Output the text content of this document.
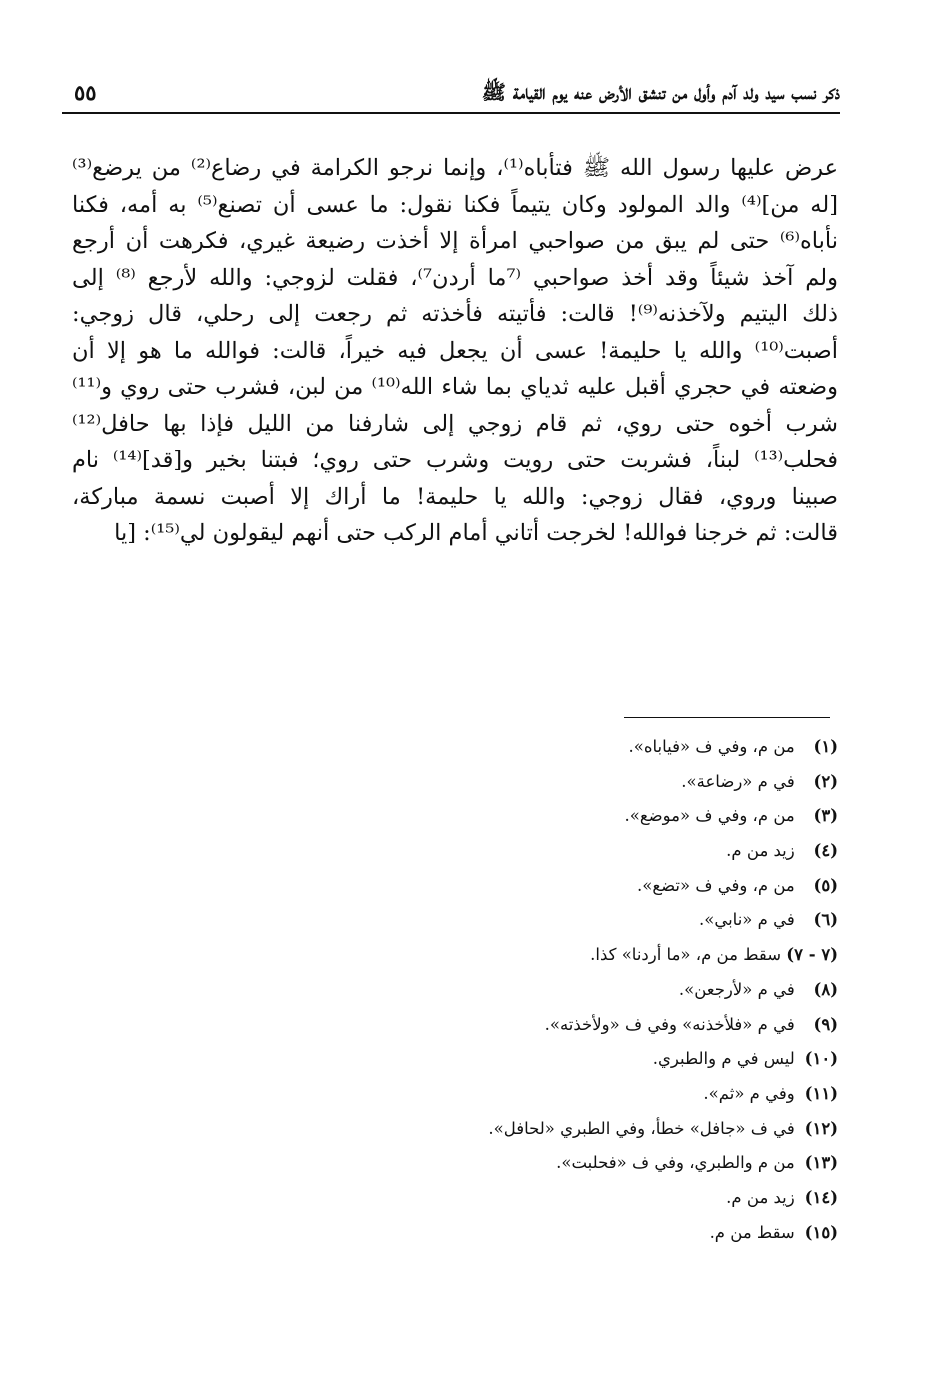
ذكر نسب سيد ولد آدم وأول من تنشق الأرض عنه يوم القيامة ﷺ
٥٥
عرض عليها رسول الله ﷺ فتأباه⁽¹⁾، وإنما نرجو الكرامة في رضاع⁽²⁾ من يرضع⁽³⁾
[له من]⁽⁴⁾ والد المولود وكان يتيماً فكنا نقول: ما عسى أن تصنع⁽⁵⁾ به أمه، فكنا
نأباه⁽⁶⁾ حتى لم يبق من صواحبي امرأة إلا أخذت رضيعة غيري، فكرهت أن أرجع
ولم آخذ شيئاً وقد أخذ صواحبي ⁽⁷ما أردن⁷⁾، فقلت لزوجي: والله لأرجع ⁽⁸⁾ إلى
ذلك اليتيم ولآخذنه⁽⁹⁾! قالت: فأتيته فأخذته ثم رجعت إلى رحلي، قال زوجي:
أصبت⁽¹⁰⁾ والله يا حليمة! عسى أن يجعل فيه خيراً، قالت: فوالله ما هو إلا أن
وضعته في حجري أقبل عليه ثدياي بما شاء الله⁽¹⁰⁾ من لبن، فشرب حتى روي و⁽¹¹⁾
شرب أخوه حتى روي، ثم قام زوجي إلى شارفنا من الليل فإذا بها حافل⁽¹²⁾
فحلب⁽¹³⁾ لبناً، فشربت حتى رويت وشرب حتى روي؛ فبتنا بخير و[قد]⁽¹⁴⁾ نام
صبينا وروي، فقال زوجي: والله يا حليمة! ما أراك إلا أصبت نسمة مباركة،
قالت: ثم خرجنا فوالله! لخرجت أتاني أمام الركب حتى أنهم ليقولون لي⁽¹⁵⁾: [يا
(١) من م، وفي ف «فياباه».
(٢) في م «رضاعة».
(٣) من م، وفي ف «موضع».
(٤) زيد من م.
(٥) من م، وفي ف «تضع».
(٦) في م «نابي».
(٧ - ٧) سقط من م، «ما أردنا» كذا.
(٨) في م «لأرجعن».
(٩) في م «فلأخذنه» وفي ف «ولأخذته».
(١٠) ليس في م والطبري.
(١١) وفي م «ثم».
(١٢) في ف «جافل» خطأ، وفي الطبري «لحافل».
(١٣) من م والطبري، وفي ف «فحلبت».
(١٤) زيد من م.
(١٥) سقط من م.
